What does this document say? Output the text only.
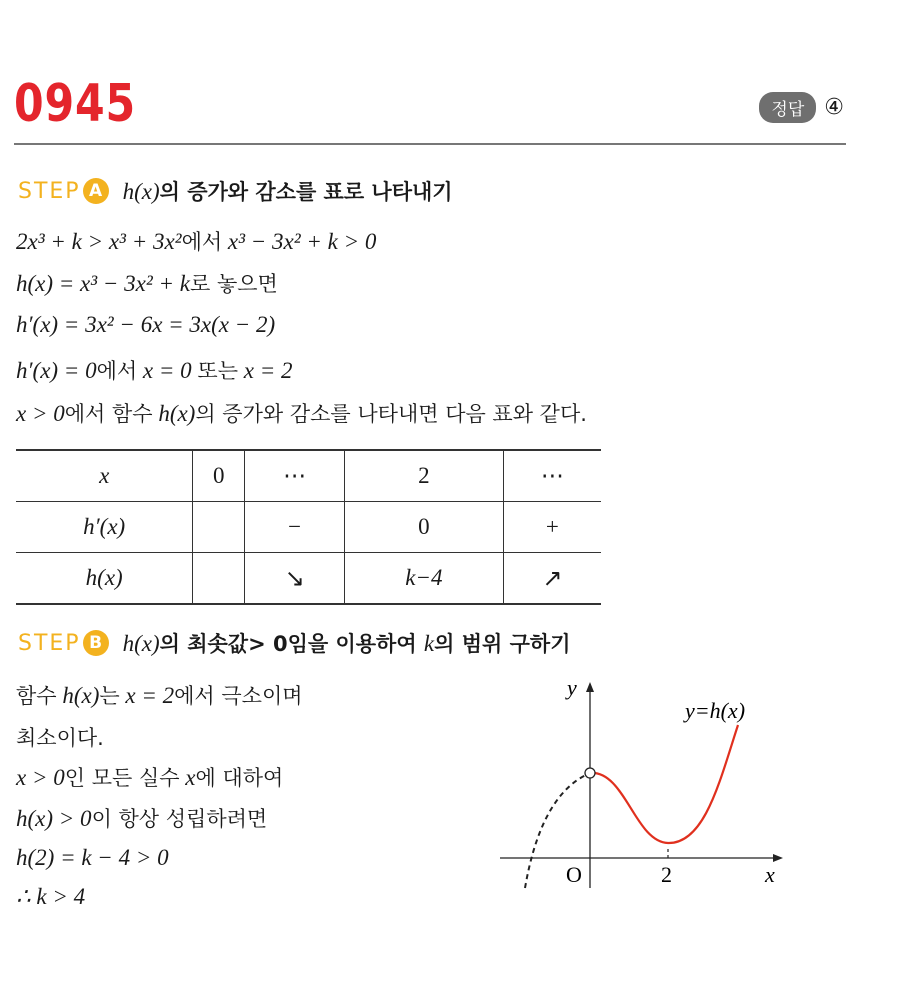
0945	정답 ④
STEP A h(x)의 증가와 감소를 표로 나타내기
2x³ + k > x³ + 3x²에서 x³ − 3x² + k > 0
h(x) = x³ − 3x² + k로 놓으면
h′(x) = 3x² − 6x = 3x(x − 2)
h′(x) = 0에서 x = 0 또는 x = 2
x > 0에서 함수 h(x)의 증가와 감소를 나타내면 다음 표와 같다.
x	0	⋯	2	⋯
h′(x)		−	0	+
h(x)		↘	k−4	↗
STEP B h(x)의 최솟값> 0임을 이용하여 k의 범위 구하기
함수 h(x)는 x = 2에서 극소이며
최소이다.
x > 0인 모든 실수 x에 대하여
h(x) > 0이 항상 성립하려면
h(2) = k − 4 > 0
∴ k > 4
y
x
O	2
y=h(x)
